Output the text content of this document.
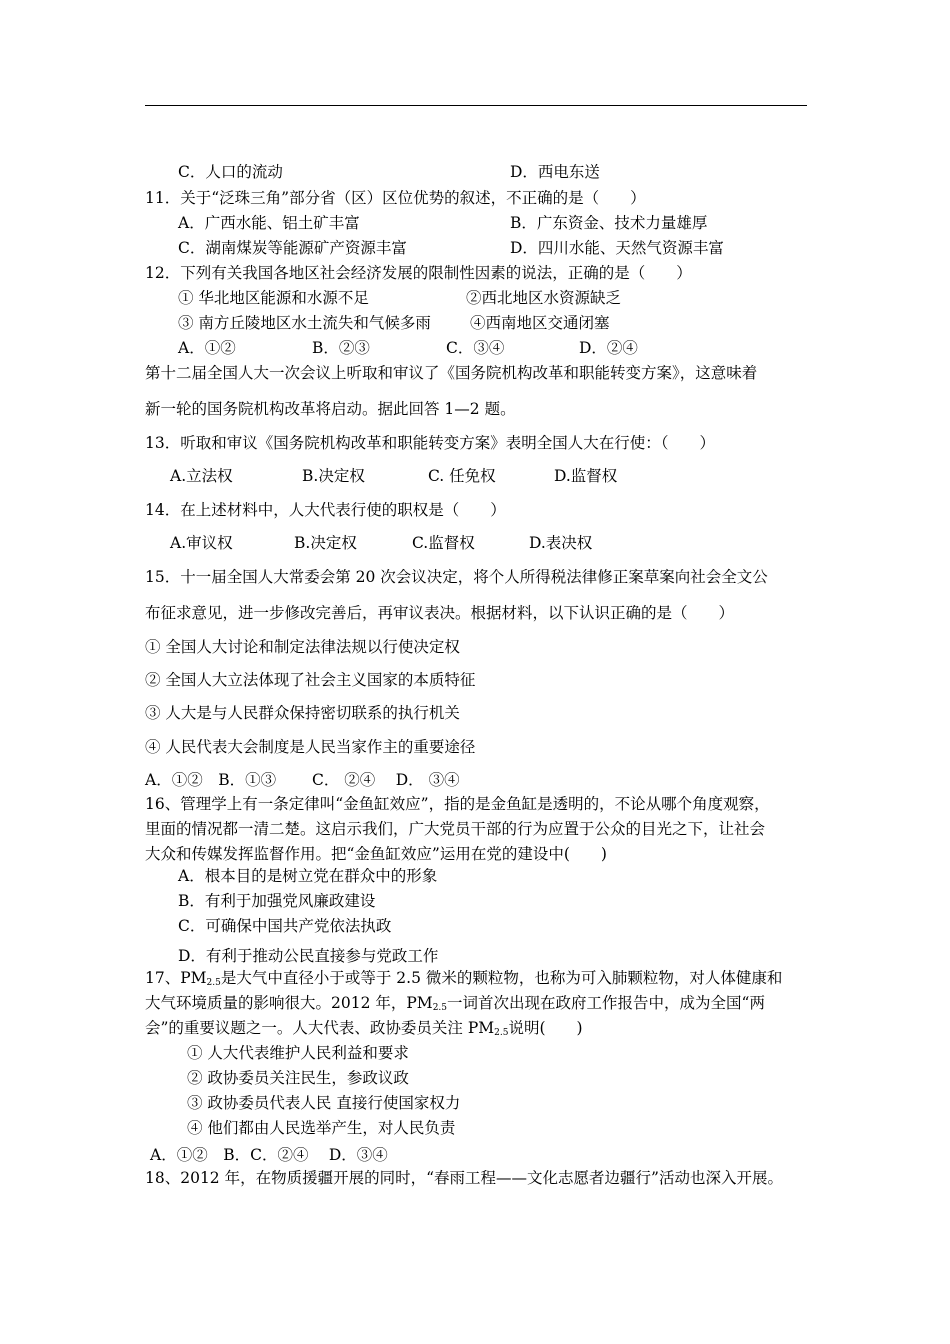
C．人口的流动	D．西电东送
11．关于“泛珠三角”部分省（区）区位优势的叙述，不正确的是（　　）
A．广西水能、铝土矿丰富	B．广东资金、技术力量雄厚
C．湖南煤炭等能源矿产资源丰富	D．四川水能、天然气资源丰富
12．下列有关我国各地区社会经济发展的限制性因素的说法，正确的是（　　）
① 华北地区能源和水源不足	②西北地区水资源缺乏
③ 南方丘陵地区水土流失和气候多雨	④西南地区交通闭塞
A．①②	B．②③	C．③④	D．②④
第十二届全国人大一次会议上听取和审议了《国务院机构改革和职能转变方案》，这意味着
新一轮的国务院机构改革将启动。据此回答 1—2 题。
13．听取和审议《国务院机构改革和职能转变方案》表明全国人大在行使：（　　）
A.立法权	B.决定权	C. 任免权	D.监督权
14．在上述材料中，人大代表行使的职权是（　　）
A.审议权	B.决定权	C.监督权	D.表决权
15．十一届全国人大常委会第 20 次会议决定，将个人所得税法律修正案草案向社会全文公
布征求意见，进一步修改完善后，再审议表决。根据材料，以下认识正确的是（　　）
① 全国人大讨论和制定法律法规以行使决定权
② 全国人大立法体现了社会主义国家的本质特征
③ 人大是与人民群众保持密切联系的执行机关
④ 人民代表大会制度是人民当家作主的重要途径
A．①②　B．①③　　 C． ②④　 D． ③④
16、管理学上有一条定律叫“金鱼缸效应”，指的是金鱼缸是透明的，不论从哪个角度观察，
里面的情况都一清二楚。这启示我们，广大党员干部的行为应置于公众的目光之下，让社会
大众和传媒发挥监督作用。把“金鱼缸效应”运用在党的建设中(　　)
A．根本目的是树立党在群众中的形象
B．有利于加强党风廉政建设
C．可确保中国共产党依法执政
D．有利于推动公民直接参与党政工作
17、$PM_{2.5}$是大气中直径小于或等于 2.5 微米的颗粒物，也称为可入肺颗粒物，对人体健康和
大气环境质量的影响很大。2012 年，$PM_{2.5}$一词首次出现在政府工作报告中，成为全国“两
会”的重要议题之一。人大代表、政协委员关注 $PM_{2.5}$说明(　　)
① 人大代表维护人民利益和要求
② 政协委员关注民生，参政议政
③ 政协委员代表人民 直接行使国家权力
④ 他们都由人民选举产生，对人民负责
A．①②　B．C．②④　 D．③④
18、2012 年，在物质援疆开展的同时，“春雨工程——文化志愿者边疆行”活动也深入开展。
